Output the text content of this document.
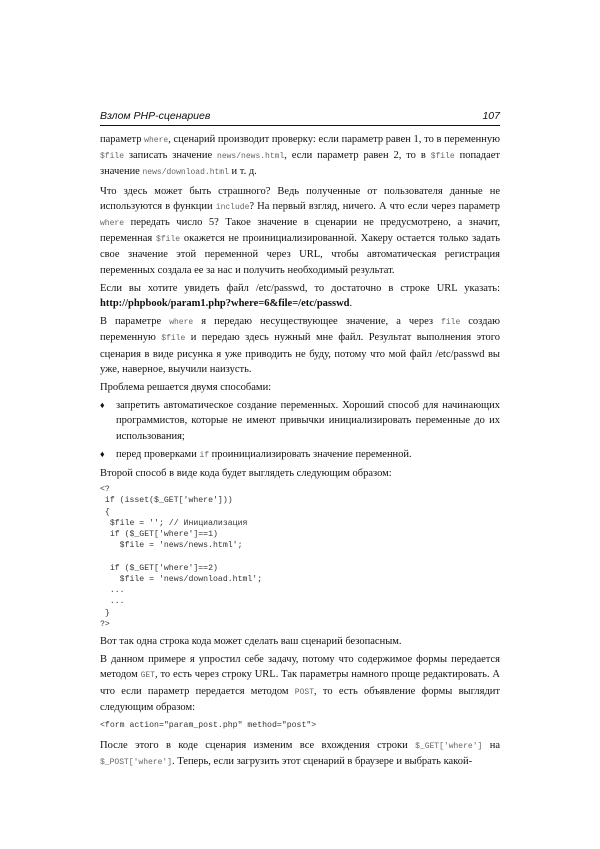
Взлом PHP-сценариев	107

параметр where, сценарий производит проверку: если параметр равен 1, то в переменную $file записать значение news/news.html, если параметр равен 2, то в $file попадает значение news/download.html и т. д.

Что здесь может быть страшного? Ведь полученные от пользователя данные не используются в функции include? На первый взгляд, ничего. А что если через параметр where передать число 5? Такое значение в сценарии не предусмотрено, а значит, переменная $file окажется не проинициализированной. Хакеру остается только задать свое значение этой переменной через URL, чтобы автоматическая регистрация переменных создала ее за нас и получить необходимый результат.

Если вы хотите увидеть файл /etc/passwd, то достаточно в строке URL указать: http://phpbook/param1.php?where=6&file=/etc/passwd.

В параметре where я передаю несуществующее значение, а через file создаю переменную $file и передаю здесь нужный мне файл. Результат выполнения этого сценария в виде рисунка я уже приводить не буду, потому что мой файл /etc/passwd вы уже, наверное, выучили наизусть.

Проблема решается двумя способами:

♦ запретить автоматическое создание переменных. Хороший способ для начинающих программистов, которые не имеют привычки инициализировать переменные до их использования;
♦ перед проверками if проинициализировать значение переменной.

Второй способ в виде кода будет выглядеть следующим образом:

<?
if (isset($_GET['where']))
{
$file = ''; // Инициализация
if ($_GET['where']==1)
$file = 'news/news.html';

if ($_GET['where']==2)
$file = 'news/download.html';
...
...
}
?>

Вот так одна строка кода может сделать ваш сценарий безопасным.

В данном примере я упростил себе задачу, потому что содержимое формы передается методом GET, то есть через строку URL. Так параметры намного проще редактировать. А что если параметр передается методом POST, то есть объявление формы выглядит следующим образом:

<form action="param_post.php" method="post">

После этого в коде сценария изменим все вхождения строки $_GET['where'] на $_POST['where']. Теперь, если загрузить этот сценарий в браузере и выбрать какой-
